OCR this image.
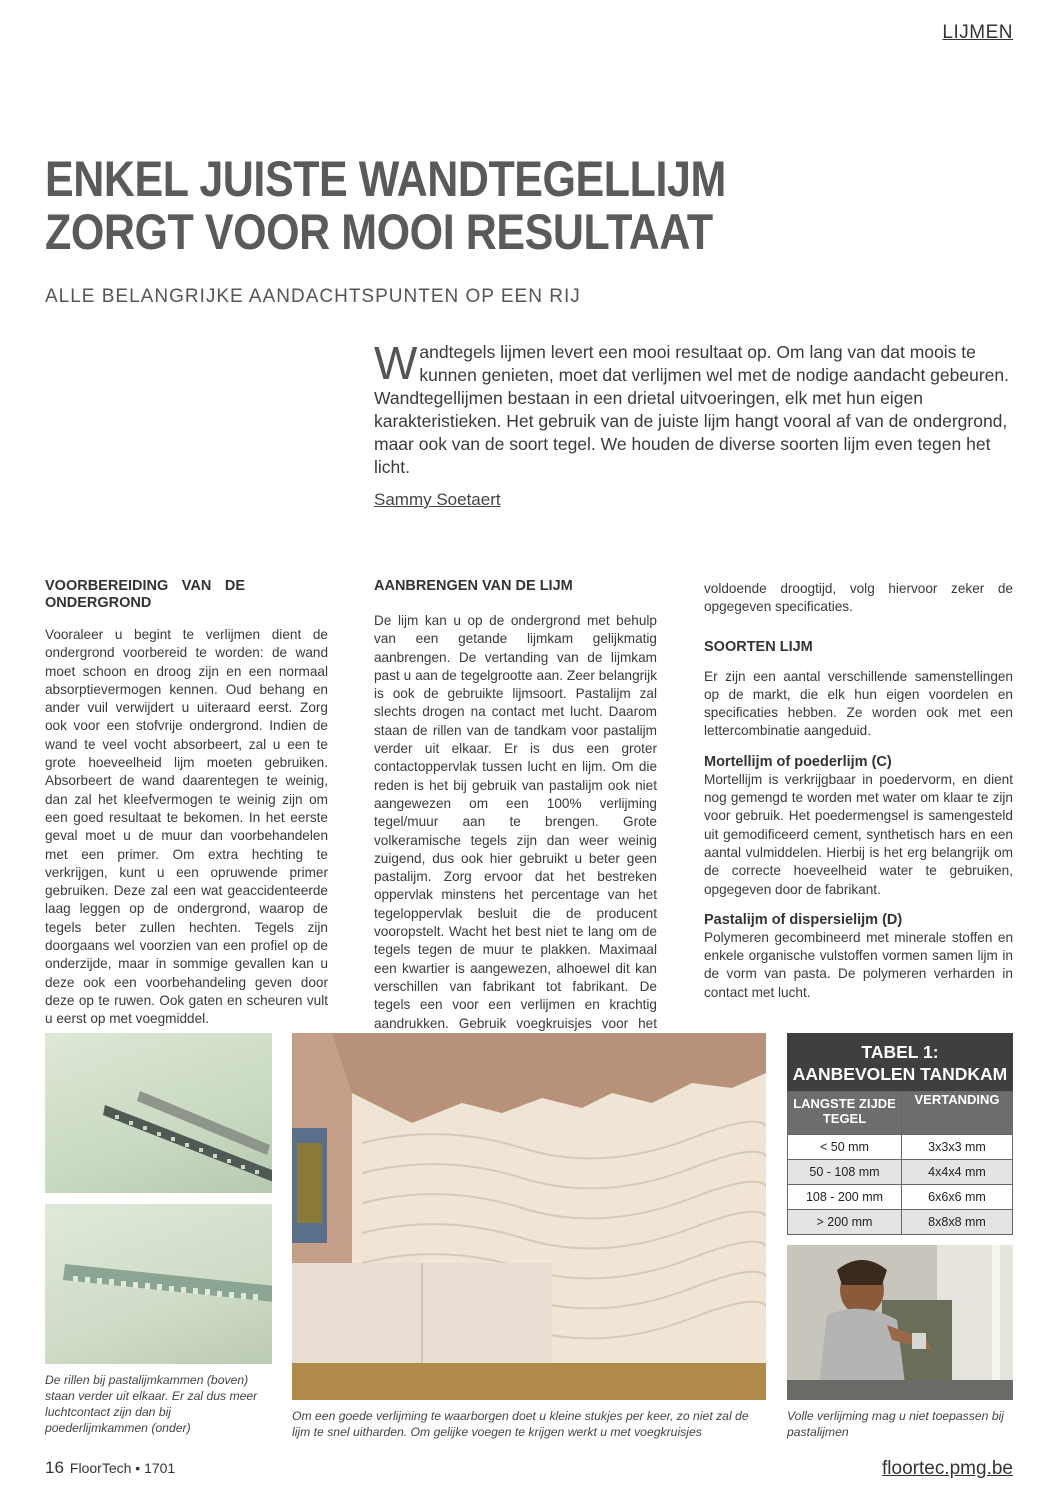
LIJMEN
ENKEL JUISTE WANDTEGELLIJM
ZORGT VOOR MOOI RESULTAAT
ALLE BELANGRIJKE AANDACHTSPUNTEN OP EEN RIJ
Wandtegels lijmen levert een mooi resultaat op. Om lang van dat moois te kunnen genieten, moet dat verlijmen wel met de nodige aandacht gebeuren. Wandtegellijmen bestaan in een drietal uitvoeringen, elk met hun eigen karakteristieken. Het gebruik van de juiste lijm hangt vooral af van de ondergrond, maar ook van de soort tegel. We houden de diverse soorten lijm even tegen het licht.
Sammy Soetaert
VOORBEREIDING VAN DE ONDERGROND

Vooraleer u begint te verlijmen dient de ondergrond voorbereid te worden: de wand moet schoon en droog zijn en een normaal absorptievermogen kennen. Oud behang en ander vuil verwijdert u uiteraard eerst. Zorg ook voor een stofvrije ondergrond. Indien de wand te veel vocht absorbeert, zal u een te grote hoeveelheid lijm moeten gebruiken. Absorbeert de wand daarentegen te weinig, dan zal het kleefvermogen te weinig zijn om een goed resultaat te bekomen. In het eerste geval moet u de muur dan voorbehandelen met een primer. Om extra hechting te verkrijgen, kunt u een opruwende primer gebruiken. Deze zal een wat geaccidenteerde laag leggen op de ondergrond, waarop de tegels beter zullen hechten. Tegels zijn doorgaans wel voorzien van een profiel op de onderzijde, maar in sommige gevallen kan u deze ook een voorbehandeling geven door deze op te ruwen. Ook gaten en scheuren vult u eerst op met voegmiddel.

AANBRENGEN VAN DE LIJM

De lijm kan u op de ondergrond met behulp van een getande lijmkam gelijkmatig aanbrengen. De vertanding van de lijmkam past u aan de tegelgrootte aan. Zeer belangrijk is ook de gebruikte lijmsoort. Pastalijm zal slechts drogen na contact met lucht. Daarom staan de rillen van de tandkam voor pastalijm verder uit elkaar. Er is dus een groter contactoppervlak tussen lucht en lijm. Om die reden is het bij gebruik van pastalijm ook niet aangewezen om een 100% verlijming tegel/muur aan te brengen. Grote volkeramische tegels zijn dan weer weinig zuigend, dus ook hier gebruikt u beter geen pastalijm. Zorg ervoor dat het bestreken oppervlak minstens het percentage van het tegeloppervlak besluit die de producent vooropstelt. Wacht het best niet te lang om de tegels tegen de muur te plakken. Maximaal een kwartier is aangewezen, alhoewel dit kan verschillen van fabrikant tot fabrikant. De tegels een voor een verlijmen en krachtig aandrukken. Gebruik voegkruisjes voor het

voldoende droogtijd, volg hiervoor zeker de opgegeven specificaties.

SOORTEN LIJM

Er zijn een aantal verschillende samenstellingen op de markt, die elk hun eigen voordelen en specificaties hebben. Ze worden ook met een lettercombinatie aangeduid.

Mortellijm of poederlijm (C)

Mortellijm is verkrijgbaar in poedervorm, en dient nog gemengd te worden met water om klaar te zijn voor gebruik. Het poedermengsel is samengesteld uit gemodificeerd cement, synthetisch hars en een aantal vulmiddelen. Hierbij is het erg belangrijk om de correcte hoeveelheid water te gebruiken, opgegeven door de fabrikant.

Pastalijm of dispersielijm (D)

Polymeren gecombineerd met minerale stoffen en enkele organische vulstoffen vormen samen lijm in de vorm van pasta. De polymeren verharden in contact met lucht.

TABEL 1:
AANBEVOLEN TANDKAM
LANGSTE ZIJDE TEGEL	VERTANDING
< 50 mm	3x3x3 mm
50 - 108 mm	4x4x4 mm
108 - 200 mm	6x6x6 mm
> 200 mm	8x8x8 mm
De rillen bij pastalijmkammen (boven) staan verder uit elkaar. Er zal dus meer luchtcontact zijn dan bij poederlijmkammen (onder)
Om een goede verlijming te waarborgen doet u kleine stukjes per keer, zo niet zal de lijm te snel uitharden. Om gelijke voegen te krijgen werkt u met voegkruisjes
Volle verlijming mag u niet toepassen bij pastalijmen
16 FloorTech • 1701	floortec.pmg.be
